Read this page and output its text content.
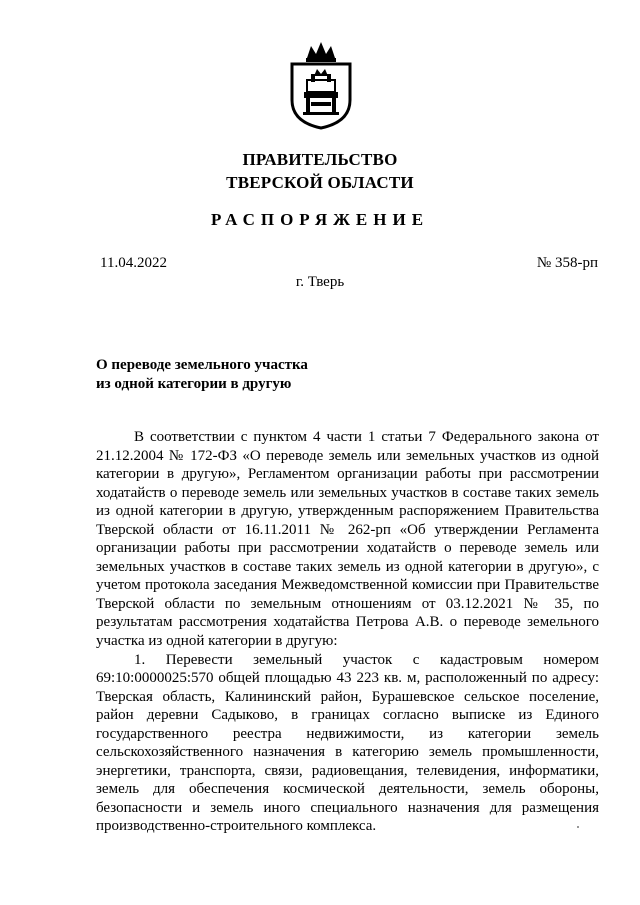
ПРАВИТЕЛЬСТВО
ТВЕРСКОЙ ОБЛАСТИ
РАСПОРЯЖЕНИЕ
11.04.2022	№ 358-рп
г. Тверь
О переводе земельного участка
из одной категории в другую

В соответствии с пунктом 4 части 1 статьи 7 Федерального закона от 21.12.2004 № 172-ФЗ «О переводе земель или земельных участков из одной категории в другую», Регламентом организации работы при рассмотрении ходатайств о переводе земель или земельных участков в составе таких земель из одной категории в другую, утвержденным распоряжением Правительства Тверской области от 16.11.2011 № 262-рп «Об утверждении Регламента организации работы при рассмотрении ходатайств о переводе земель или земельных участков в составе таких земель из одной категории в другую», с учетом протокола заседания Межведомственной комиссии при Правительстве Тверской области по земельным отношениям от 03.12.2021 № 35, по результатам рассмотрения ходатайства Петрова А.В. о переводе земельного участка из одной категории в другую:

1. Перевести земельный участок с кадастровым номером 69:10:0000025:570 общей площадью 43 223 кв. м, расположенный по адресу: Тверская область, Калининский район, Бурашевское сельское поселение, район деревни Садыково, в границах согласно выписке из Единого государственного реестра недвижимости, из категории земель сельскохозяйственного назначения в категорию земель промышленности, энергетики, транспорта, связи, радиовещания, телевидения, информатики, земель для обеспечения космической деятельности, земель обороны, безопасности и земель иного специального назначения для размещения производственно-строительного комплекса.
